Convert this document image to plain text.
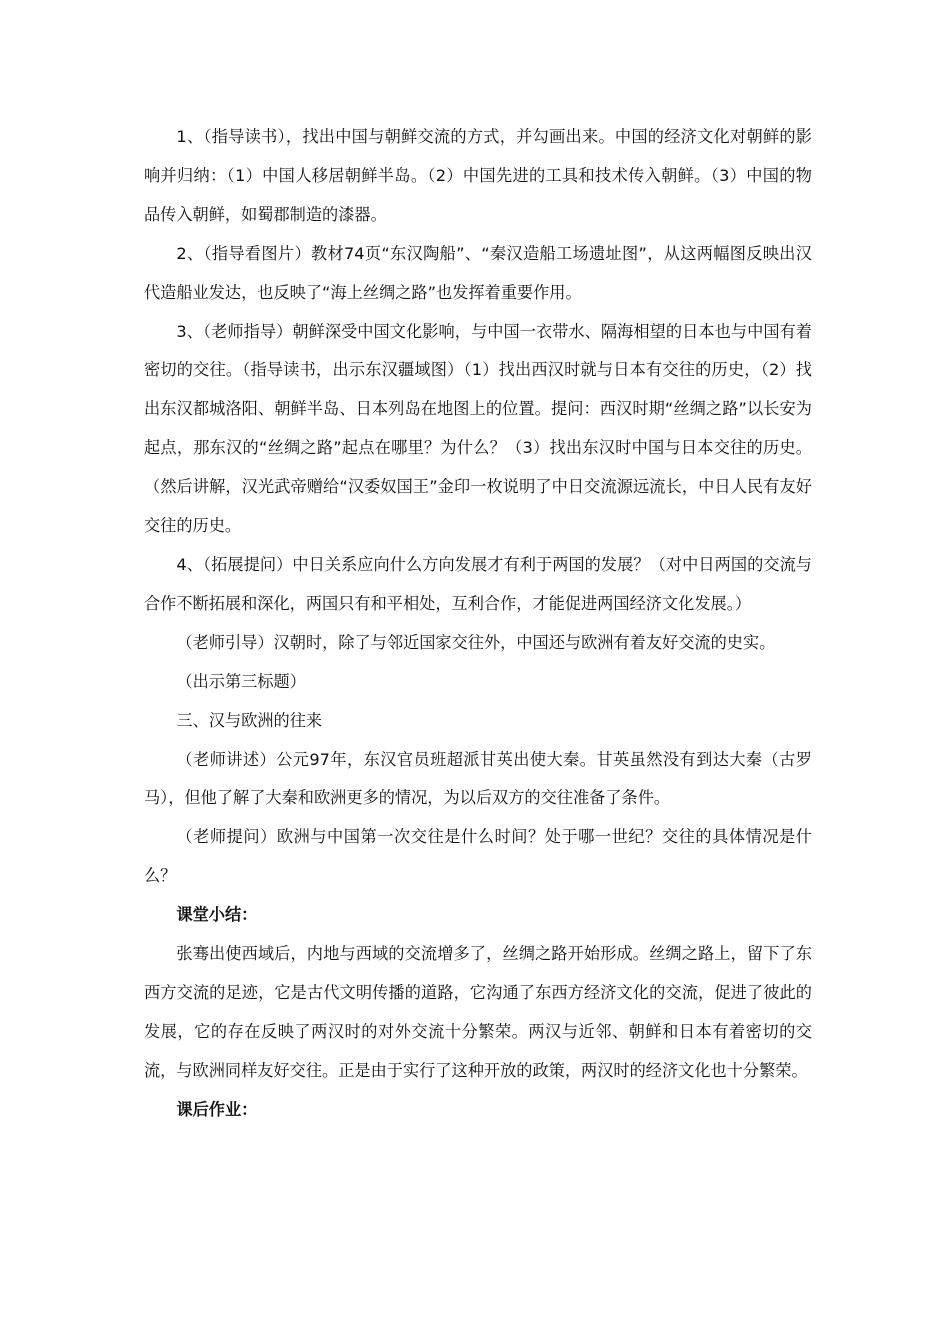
1、（指导读书），找出中国与朝鲜交流的方式，并勾画出来。中国的经济文化对朝鲜的影响并归纳：（1）中国人移居朝鲜半岛。（2）中国先进的工具和技术传入朝鲜。（3）中国的物品传入朝鲜，如蜀郡制造的漆器。

2、（指导看图片）教材74页“东汉陶船”、“秦汉造船工场遗址图”，从这两幅图反映出汉代造船业发达，也反映了“海上丝绸之路”也发挥着重要作用。

3、（老师指导）朝鲜深受中国文化影响，与中国一衣带水、隔海相望的日本也与中国有着密切的交往。（指导读书，出示东汉疆域图）（1）找出西汉时就与日本有交往的历史，（2）找出东汉都城洛阳、朝鲜半岛、日本列岛在地图上的位置。提问：西汉时期“丝绸之路”以长安为起点，那东汉的“丝绸之路”起点在哪里？为什么？（3）找出东汉时中国与日本交往的历史。（然后讲解，汉光武帝赠给“汉委奴国王”金印一枚说明了中日交流源远流长，中日人民有友好交往的历史。

4、（拓展提问）中日关系应向什么方向发展才有利于两国的发展？（对中日两国的交流与合作不断拓展和深化，两国只有和平相处，互利合作，才能促进两国经济文化发展。）

（老师引导）汉朝时，除了与邻近国家交往外，中国还与欧洲有着友好交流的史实。

（出示第三标题）

三、汉与欧洲的往来

（老师讲述）公元97年，东汉官员班超派甘英出使大秦。甘英虽然没有到达大秦（古罗马），但他了解了大秦和欧洲更多的情况，为以后双方的交往准备了条件。

（老师提问）欧洲与中国第一次交往是什么时间？处于哪一世纪？交往的具体情况是什么？

课堂小结：

张骞出使西域后，内地与西域的交流增多了，丝绸之路开始形成。丝绸之路上，留下了东西方交流的足迹，它是古代文明传播的道路，它沟通了东西方经济文化的交流，促进了彼此的发展，它的存在反映了两汉时的对外交流十分繁荣。两汉与近邻、朝鲜和日本有着密切的交流，与欧洲同样友好交往。正是由于实行了这种开放的政策，两汉时的经济文化也十分繁荣。

课后作业：
